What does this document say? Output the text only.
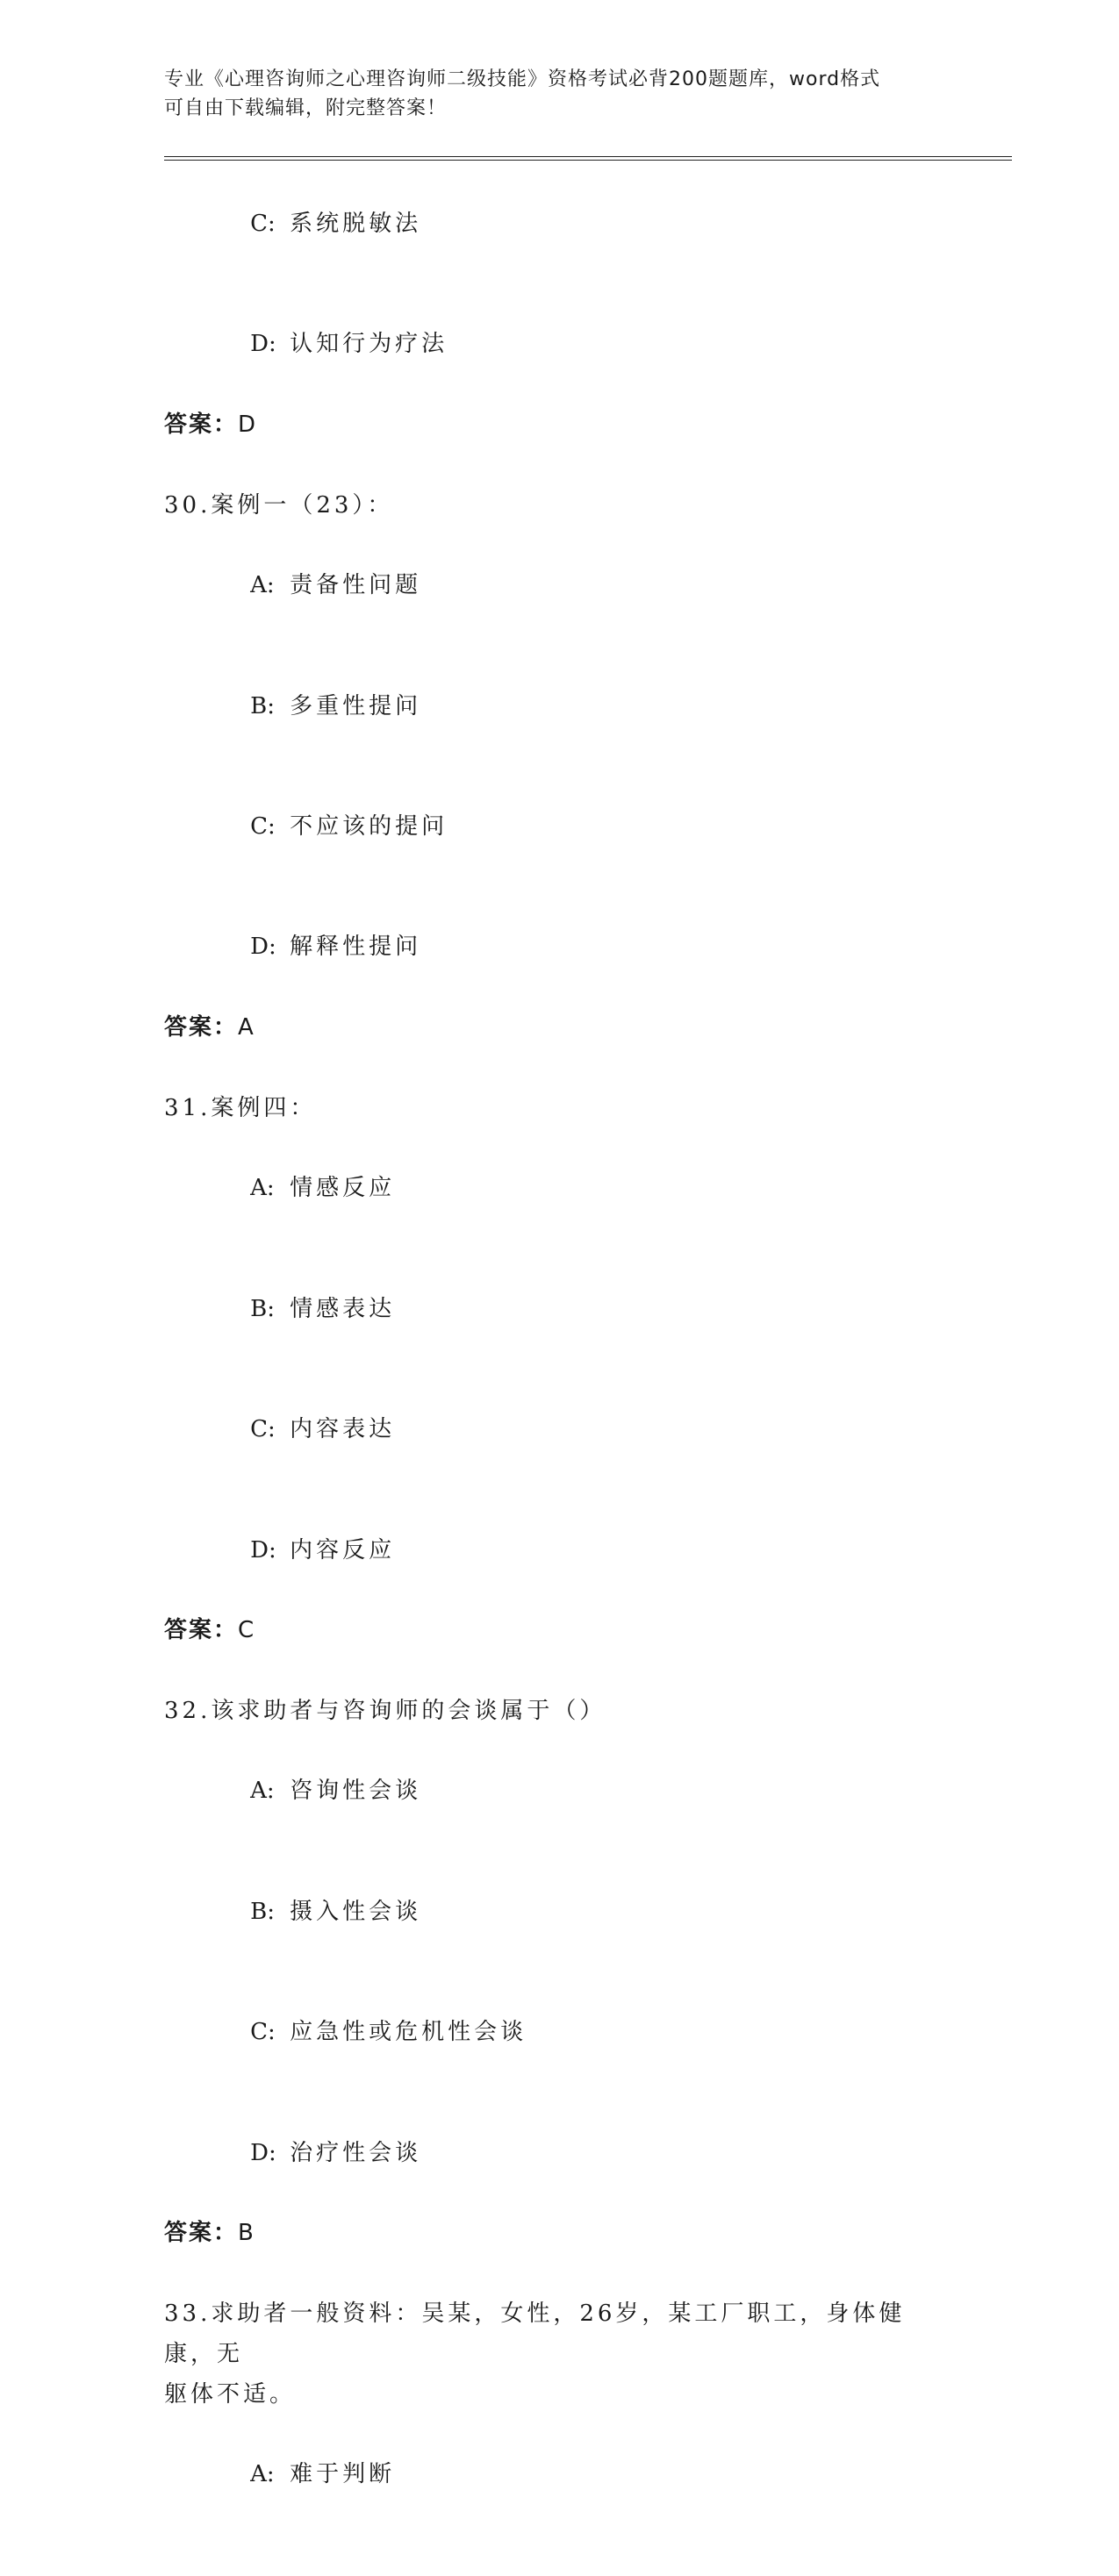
专业《心理咨询师之心理咨询师二级技能》资格考试必背200题题库，word格式
可自由下载编辑，附完整答案！

C: 系统脱敏法

D: 认知行为疗法

答案：D
30.案例一（23）：

A: 责备性问题

B: 多重性提问

C: 不应该的提问

D: 解释性提问

答案：A
31.案例四：

A: 情感反应

B: 情感表达

C: 内容表达

D: 内容反应

答案：C
32.该求助者与咨询师的会谈属于（）

A: 咨询性会谈

B: 摄入性会谈

C: 应急性或危机性会谈

D: 治疗性会谈

答案：B
33.求助者一般资料：吴某，女性，26岁，某工厂职工，身体健康，无
躯体不适。

A: 难于判断
